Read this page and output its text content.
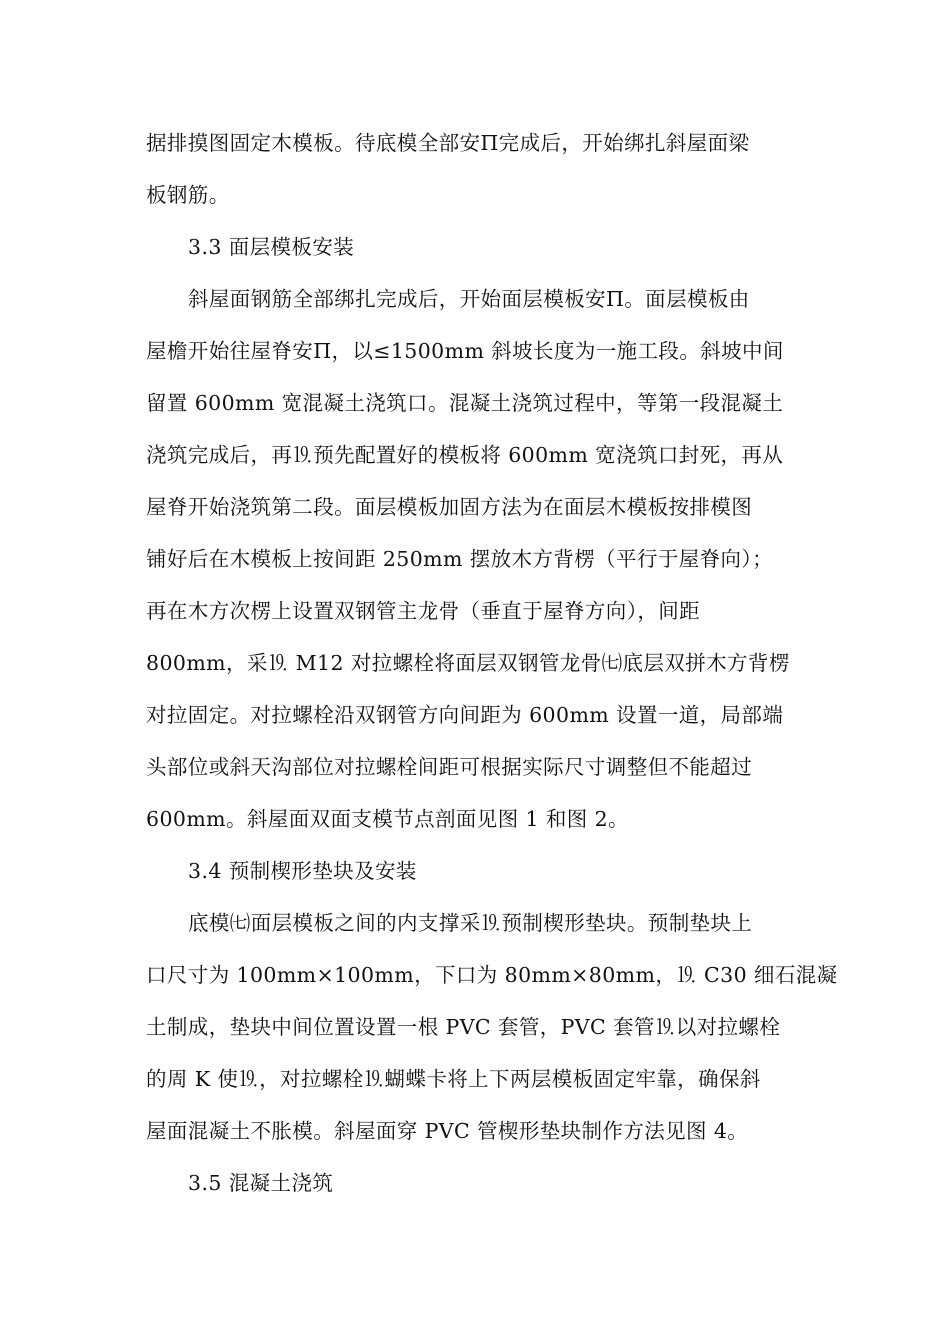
据排摸图固定木模板。待底模全部安Π完成后，开始绑扎斜屋面梁
板钢筋。
3.3 面层模板安装
斜屋面钢筋全部绑扎完成后，开始面层模板安Π。面层模板由
屋檐开始往屋脊安Π，以≤1500mm 斜坡长度为一施工段。斜坡中间
留置 600mm 宽混凝土浇筑口。混凝土浇筑过程中，等第一段混凝土
浇筑完成后，再⒚预先配置好的模板将 600mm 宽浇筑口封死，再从
屋脊开始浇筑第二段。面层模板加固方法为在面层木模板按排模图
铺好后在木模板上按间距 250mm 摆放木方背楞（平行于屋脊向）；
再在木方次楞上设置双钢管主龙骨（垂直于屋脊方向），间距
800mm，采⒚ M12 对拉螺栓将面层双钢管龙骨㈦底层双拼木方背楞
对拉固定。对拉螺栓沿双钢管方向间距为 600mm 设置一道，局部端
头部位或斜天沟部位对拉螺栓间距可根据实际尺寸调整但不能超过
600mm。斜屋面双面支模节点剖面见图 1 和图 2。
3.4 预制楔形垫块及安装
底模㈦面层模板之间的内支撑采⒚预制楔形垫块。预制垫块上
口尺寸为 100mm×100mm，下口为 80mm×80mm，⒚ C30 细石混凝
土制成，垫块中间位置设置一根 PVC 套管，PVC 套管⒚以对拉螺栓
的周 K 使⒚，对拉螺栓⒚蝴蝶卡将上下两层模板固定牢靠，确保斜
屋面混凝土不胀模。斜屋面穿 PVC 管楔形垫块制作方法见图 4。
3.5 混凝土浇筑
